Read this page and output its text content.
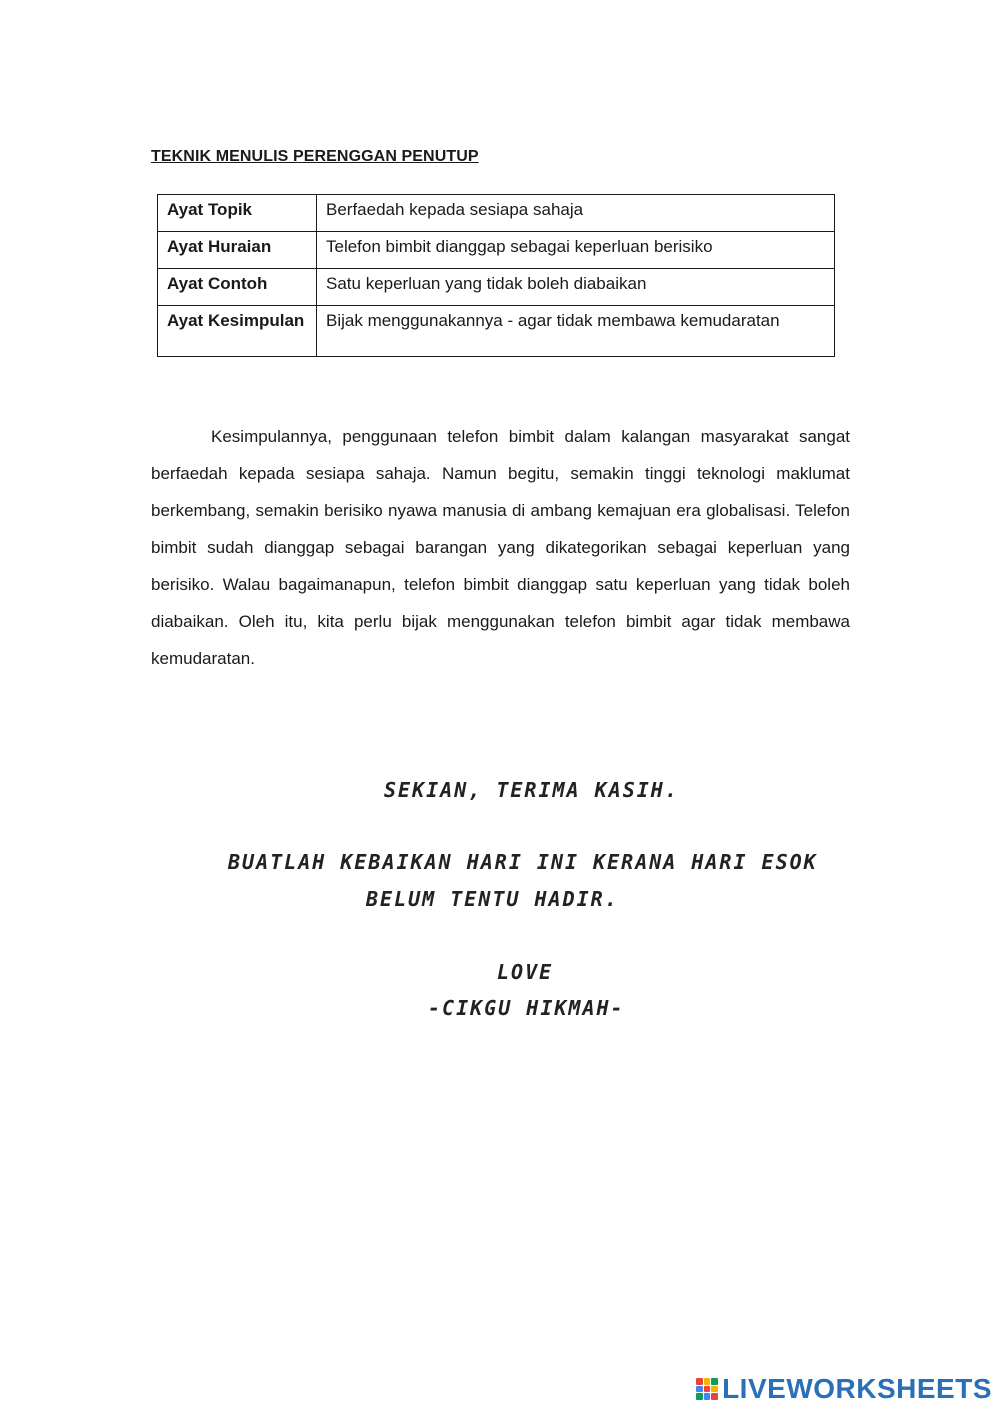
TEKNIK MENULIS PERENGGAN PENUTUP
Ayat Topik	Berfaedah kepada sesiapa sahaja
Ayat Huraian	Telefon bimbit dianggap sebagai keperluan berisiko
Ayat Contoh	Satu keperluan yang tidak boleh diabaikan
Ayat Kesimpulan	Bijak menggunakannya - agar tidak membawa kemudaratan

Kesimpulannya, penggunaan telefon bimbit dalam kalangan masyarakat sangat berfaedah kepada sesiapa sahaja. Namun begitu, semakin tinggi teknologi maklumat berkembang, semakin berisiko nyawa manusia di ambang kemajuan era globalisasi. Telefon bimbit sudah dianggap sebagai barangan yang dikategorikan sebagai keperluan yang berisiko. Walau bagaimanapun, telefon bimbit dianggap satu keperluan yang tidak boleh diabaikan. Oleh itu, kita perlu bijak menggunakan telefon bimbit agar tidak membawa kemudaratan.

SEKIAN, TERIMA KASIH.
BUATLAH KEBAIKAN HARI INI KERANA HARI ESOK
BELUM TENTU HADIR.
LOVE
-CIKGU HIKMAH-
LIVEWORKSHEETS
